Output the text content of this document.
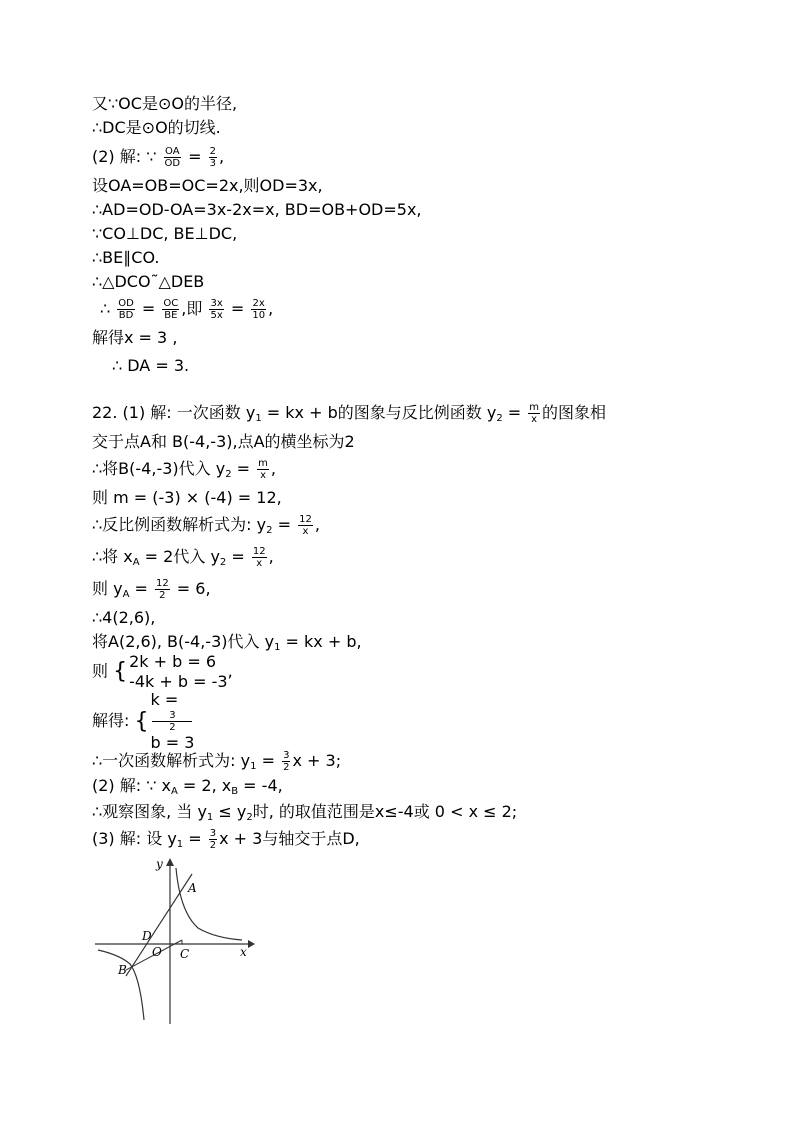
又∵OC是⊙O的半径,
∴DC是⊙O的切线.
(2) 解: ∵ $\frac{OA}{OD} = \frac{2}{3}$ ,
设OA=OB=OC=2x,则OD=3x,
∴AD=OD-OA=3x-2x=x, BD=OB+OD=5x,
∵CO⊥DC, BE⊥DC,
∴BE∥CO.
∴△DCO˜△DEB
∴ $\frac{OD}{BD} = \frac{OC}{BE}$ ,即 $\frac{3x}{5x} = \frac{2x}{10}$ ,
解得x = 3 ,
∴ DA = 3.
22. (1) 解: 一次函数 $y_1$ = kx + b的图象与反比例函数 $y_2 = \frac{m}{x}$ 的图象相
交于点A和 B(-4,-3),点A的横坐标为2
∴将B(-4,-3)代入 $y_2 = \frac{m}{x}$ ,
则 m = (-3) × (-4) = 12,
∴反比例函数解析式为: $y_2 = \frac{12}{x}$ ,
∴将 $x_A = 2$代入 $y_2 = \frac{12}{x}$ ,
则 $y_A = \frac{12}{2} = 6$,
∴4(2,6),
将A(2,6), B(-4,-3)代入 $y_1$ = kx + b,
则 { 2k + b = 6
-4k + b = -3
,
解得: {
k =
3
2
b = 3
∴一次函数解析式为: $y_1 = \frac{3}{2}$ x + 3;
(2) 解: ∵ $x_A = 2$, $x_B = -4$,
∴观察图象, 当 $y_1 \le y_2$时, 的取值范围是x≤-4或 0 < x ≤ 2;
(3) 解: 设 $y_1 = \frac{3}{2}$ x + 3与轴交于点D,
y
x
A
D
O C
B
